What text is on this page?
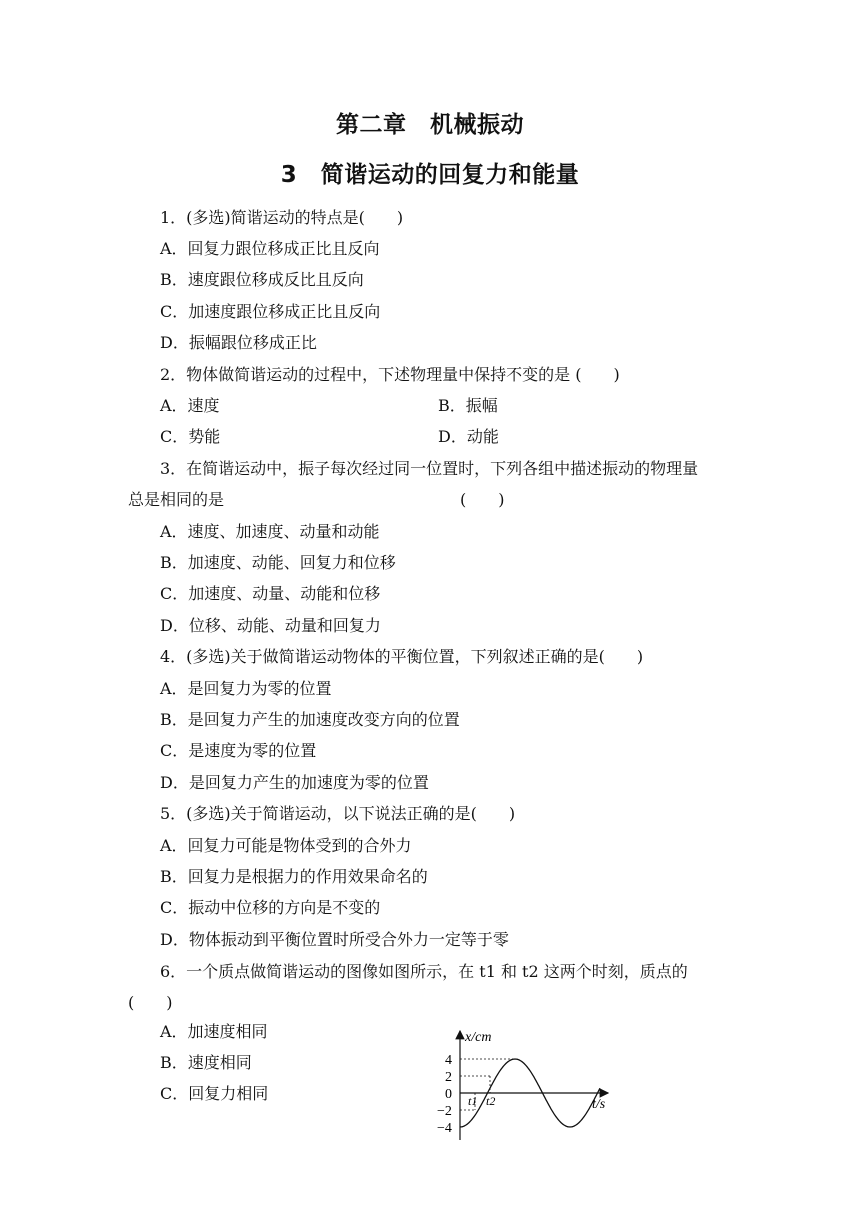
第二章　机械振动
3　简谐运动的回复力和能量
1．(多选)简谐运动的特点是(　　)
A．回复力跟位移成正比且反向
B．速度跟位移成反比且反向
C．加速度跟位移成正比且反向
D．振幅跟位移成正比
2．物体做简谐运动的过程中，下述物理量中保持不变的是 (　　)
A．速度	B．振幅
C．势能	D．动能
3．在简谐运动中，振子每次经过同一位置时，下列各组中描述振动的物理量
总是相同的是	(　　)
A．速度、加速度、动量和动能
B．加速度、动能、回复力和位移
C．加速度、动量、动能和位移
D．位移、动能、动量和回复力
4．(多选)关于做简谐运动物体的平衡位置，下列叙述正确的是(　　)
A．是回复力为零的位置
B．是回复力产生的加速度改变方向的位置
C．是速度为零的位置
D．是回复力产生的加速度为零的位置
5．(多选)关于简谐运动，以下说法正确的是(　　)
A．回复力可能是物体受到的合外力
B．回复力是根据力的作用效果命名的
C．振动中位移的方向是不变的
D．物体振动到平衡位置时所受合外力一定等于零
6．一个质点做简谐运动的图像如图所示，在 t1 和 t2 这两个时刻，质点的
(　　)
A．加速度相同
B．速度相同
C．回复力相同
x/cm
t/s
4
2
0
−2
−4
t1 t2
